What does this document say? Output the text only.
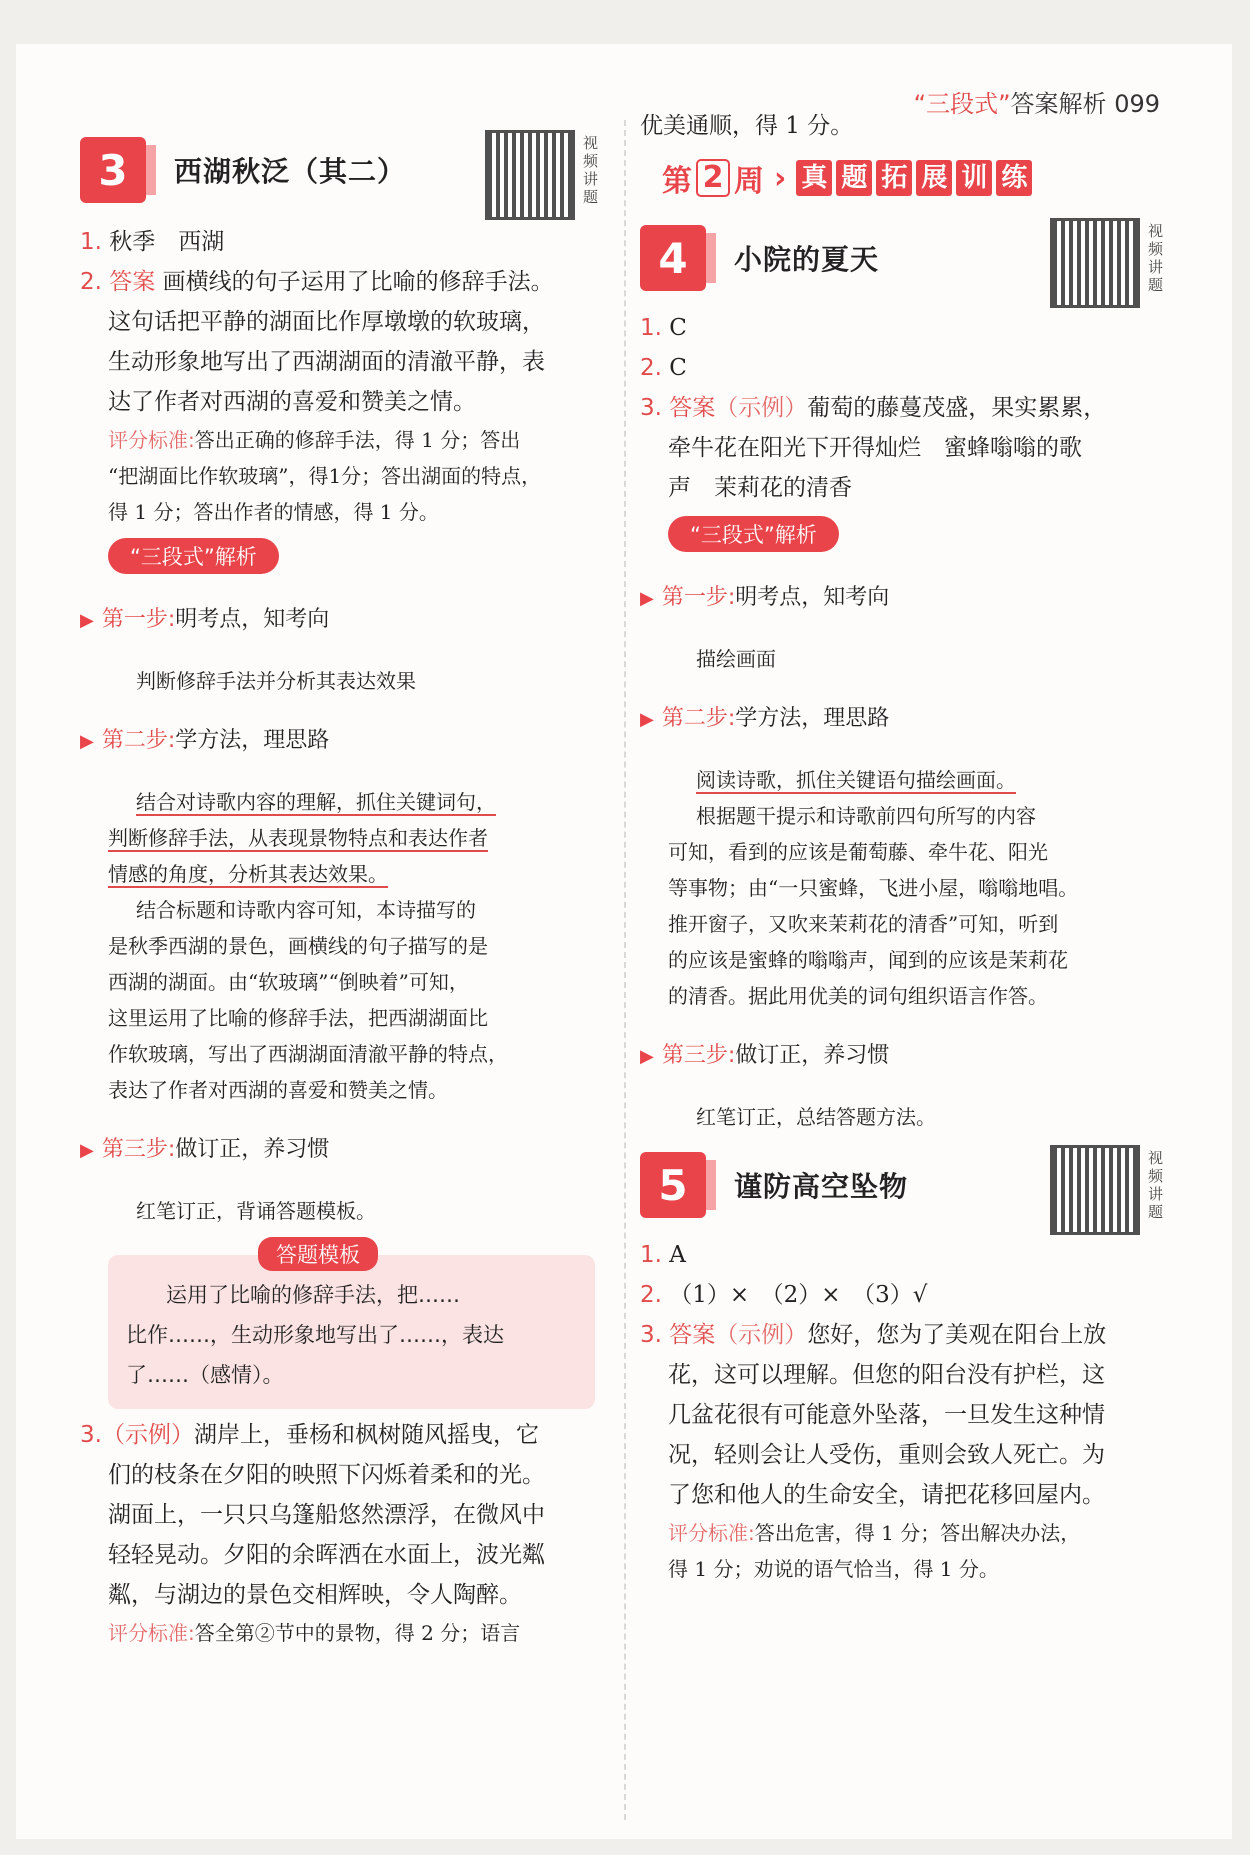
“三段式”答案解析 099
3	西湖秋泛（其二）
视频讲题

1. 秋季　西湖

2. 答案 画横线的句子运用了比喻的修辞手法。

这句话把平静的湖面比作厚墩墩的软玻璃，

生动形象地写出了西湖湖面的清澈平静，表

达了作者对西湖的喜爱和赞美之情。

评分标准:答出正确的修辞手法，得 1 分；答出

“把湖面比作软玻璃”，得1分；答出湖面的特点，

得 1 分；答出作者的情感，得 1 分。

“三段式”解析

▶ 第一步:明考点，知考向

判断修辞手法并分析其表达效果

▶ 第二步:学方法，理思路

结合对诗歌内容的理解，抓住关键词句，

判断修辞手法，从表现景物特点和表达作者

情感的角度，分析其表达效果。

结合标题和诗歌内容可知，本诗描写的

是秋季西湖的景色，画横线的句子描写的是

西湖的湖面。由“软玻璃”“倒映着”可知，

这里运用了比喻的修辞手法，把西湖湖面比

作软玻璃，写出了西湖湖面清澈平静的特点，

表达了作者对西湖的喜爱和赞美之情。

▶ 第三步:做订正，养习惯

红笔订正，背诵答题模板。

答题模板

运用了比喻的修辞手法，把……

比作……，生动形象地写出了……，表达

了……（感情）。

3.（示例）湖岸上，垂杨和枫树随风摇曳，它

们的枝条在夕阳的映照下闪烁着柔和的光。

湖面上，一只只乌篷船悠然漂浮，在微风中

轻轻晃动。夕阳的余晖洒在水面上，波光粼

粼，与湖边的景色交相辉映，令人陶醉。

评分标准:答全第②节中的景物，得 2 分；语言

优美通顺，得 1 分。

第 2 周 › 真 题 拓 展 训 练
4	小院的夏天
视频讲题

1. C

2. C

3. 答案（示例）葡萄的藤蔓茂盛，果实累累，

牵牛花在阳光下开得灿烂　蜜蜂嗡嗡的歌

声　茉莉花的清香

“三段式”解析

▶ 第一步:明考点，知考向

描绘画面

▶ 第二步:学方法，理思路

阅读诗歌，抓住关键语句描绘画面。

根据题干提示和诗歌前四句所写的内容

可知，看到的应该是葡萄藤、牵牛花、阳光

等事物；由“一只蜜蜂，飞进小屋，嗡嗡地唱。

推开窗子，又吹来茉莉花的清香”可知，听到

的应该是蜜蜂的嗡嗡声，闻到的应该是茉莉花

的清香。据此用优美的词句组织语言作答。

▶ 第三步:做订正，养习惯

红笔订正，总结答题方法。

5	谨防高空坠物
视频讲题

1. A

2. （1）×　（2）×　（3）√

3. 答案（示例）您好，您为了美观在阳台上放

花，这可以理解。但您的阳台没有护栏，这

几盆花很有可能意外坠落，一旦发生这种情

况，轻则会让人受伤，重则会致人死亡。为

了您和他人的生命安全，请把花移回屋内。

评分标准:答出危害，得 1 分；答出解决办法，

得 1 分；劝说的语气恰当，得 1 分。
